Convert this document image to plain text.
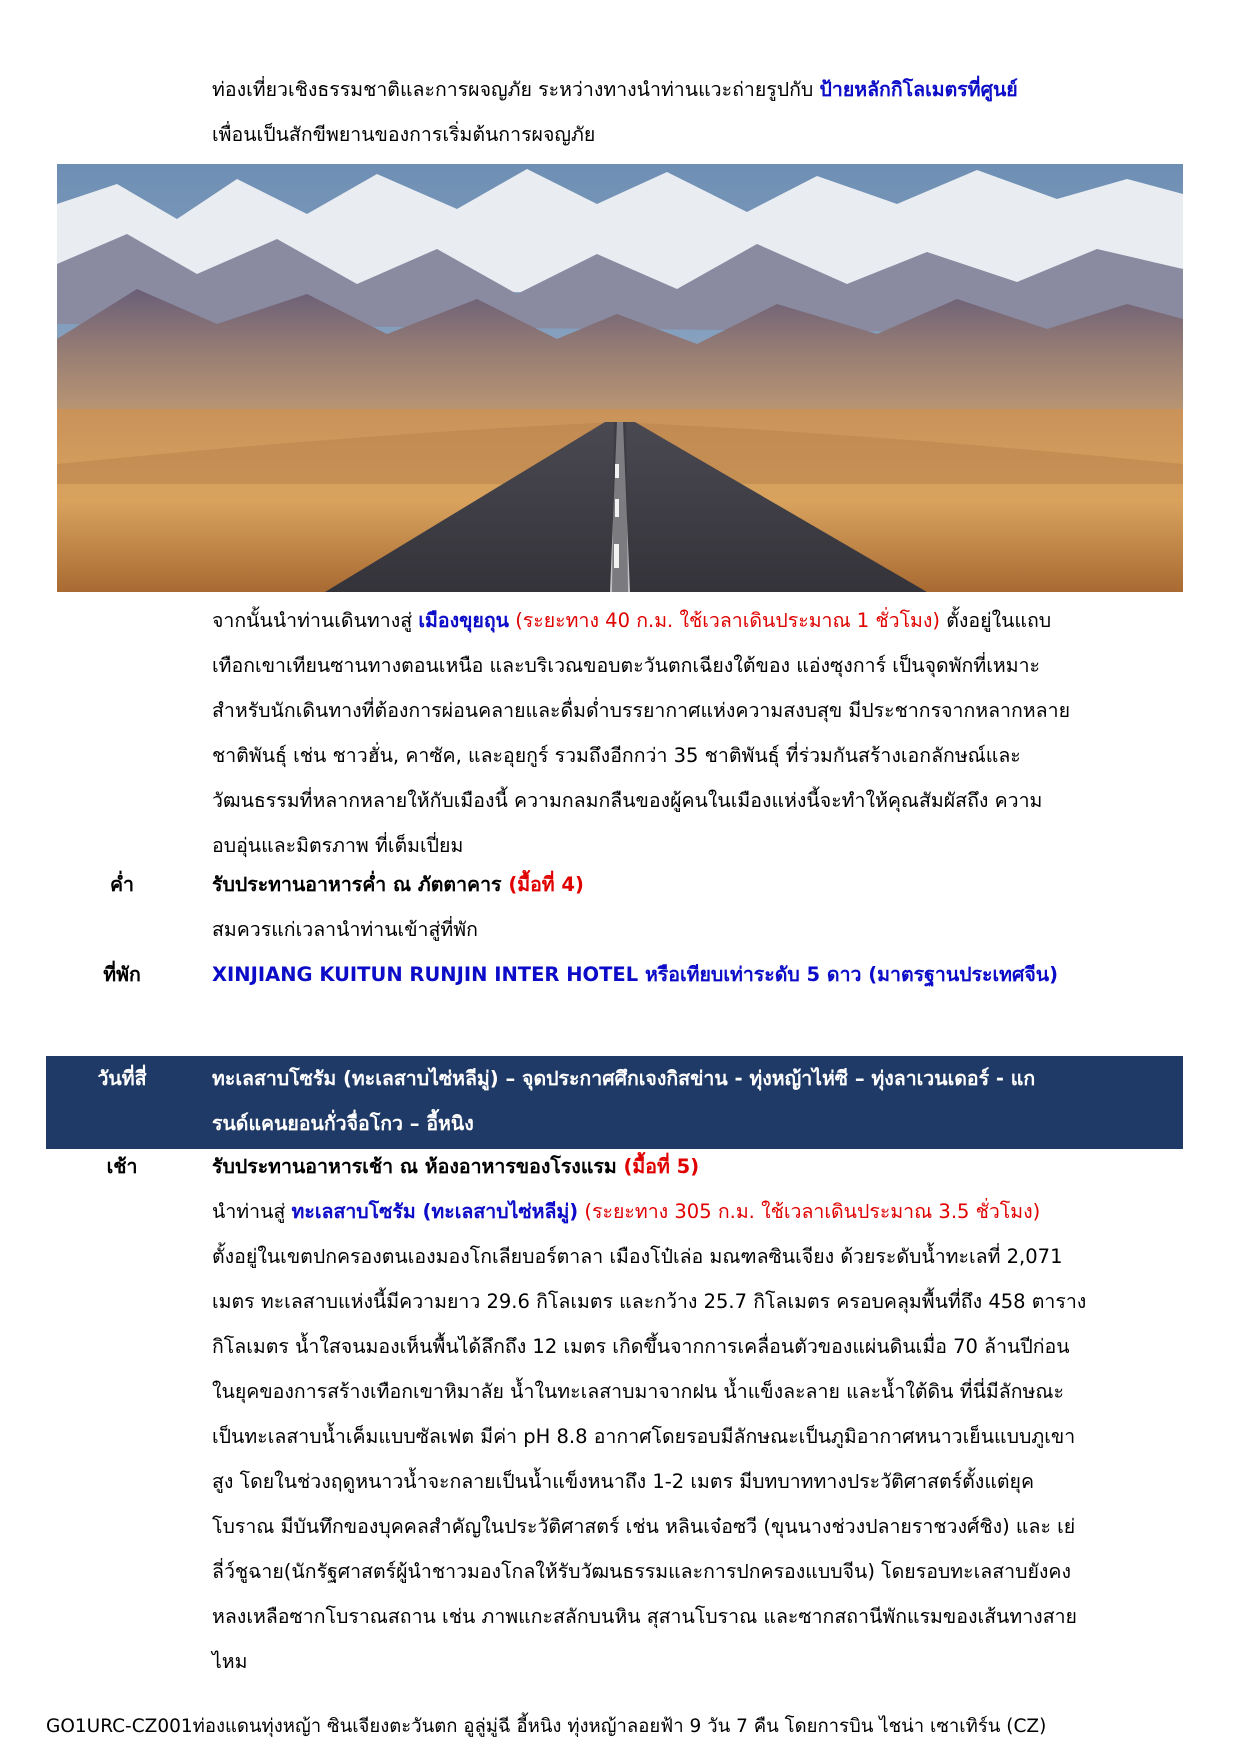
ท่องเที่ยวเชิงธรรมชาติและการผจญภัย ระหว่างทางนำท่านแวะถ่ายรูปกับ ป้ายหลักกิโลเมตรที่ศูนย์
เพื่อนเป็นสักขีพยานของการเริ่มต้นการผจญภัย
จากนั้นนำท่านเดินทางสู่ เมืองขุยถุน (ระยะทาง 40 ก.ม. ใช้เวลาเดินประมาณ 1 ชั่วโมง) ตั้งอยู่ในแถบ
เทือกเขาเทียนซานทางตอนเหนือ และบริเวณขอบตะวันตกเฉียงใต้ของ แอ่งซุงการ์ เป็นจุดพักที่เหมาะ
สำหรับนักเดินทางที่ต้องการผ่อนคลายและดื่มด่ำบรรยากาศแห่งความสงบสุข มีประชากรจากหลากหลาย
ชาติพันธุ์ เช่น ชาวฮั่น, คาซัค, และอุยกูร์ รวมถึงอีกกว่า 35 ชาติพันธุ์ ที่ร่วมกันสร้างเอกลักษณ์และ
วัฒนธรรมที่หลากหลายให้กับเมืองนี้ ความกลมกลืนของผู้คนในเมืองแห่งนี้จะทำให้คุณสัมผัสถึง ความ
อบอุ่นและมิตรภาพ ที่เต็มเปี่ยม
ค่ำ	รับประทานอาหารค่ำ ณ ภัตตาคาร (มื้อที่ 4)
สมควรแก่เวลานำท่านเข้าสู่ที่พัก
ที่พัก	XINJIANG KUITUN RUNJIN INTER HOTEL หรือเทียบเท่าระดับ 5 ดาว (มาตรฐานประเทศจีน)
วันที่สี่	ทะเลสาบโซรัม (ทะเลสาบไซ่หลีมู่) – จุดประกาศศึกเจงกิสข่าน - ทุ่งหญ้าไห่ซี – ทุ่งลาเวนเดอร์ - แก
รนด์แคนยอนกั่วจื่อโกว – อี้หนิง
เช้า	รับประทานอาหารเช้า ณ ห้องอาหารของโรงแรม (มื้อที่ 5)
นำท่านสู่ ทะเลสาบโซรัม (ทะเลสาบไซ่หลีมู่) (ระยะทาง 305 ก.ม. ใช้เวลาเดินประมาณ 3.5 ชั่วโมง)
ตั้งอยู่ในเขตปกครองตนเองมองโกเลียบอร์ตาลา เมืองโป๋เล่อ มณฑลซินเจียง ด้วยระดับน้ำทะเลที่ 2,071
เมตร ทะเลสาบแห่งนี้มีความยาว 29.6 กิโลเมตร และกว้าง 25.7 กิโลเมตร ครอบคลุมพื้นที่ถึง 458 ตาราง
กิโลเมตร น้ำใสจนมองเห็นพื้นได้ลึกถึง 12 เมตร เกิดขึ้นจากการเคลื่อนตัวของแผ่นดินเมื่อ 70 ล้านปีก่อน
ในยุคของการสร้างเทือกเขาหิมาลัย น้ำในทะเลสาบมาจากฝน น้ำแข็งละลาย และน้ำใต้ดิน ที่นี่มีลักษณะ
เป็นทะเลสาบน้ำเค็มแบบซัลเฟต มีค่า pH 8.8 อากาศโดยรอบมีลักษณะเป็นภูมิอากาศหนาวเย็นแบบภูเขา
สูง โดยในช่วงฤดูหนาวน้ำจะกลายเป็นน้ำแข็งหนาถึง 1-2 เมตร มีบทบาททางประวัติศาสตร์ตั้งแต่ยุค
โบราณ มีบันทึกของบุคคลสำคัญในประวัติศาสตร์ เช่น หลินเจ๋อซวี (ขุนนางช่วงปลายราชวงศ์ชิง) และ เย่
ลี่ว์ชูฉาย(นักรัฐศาสตร์ผู้นำชาวมองโกลให้รับวัฒนธรรมและการปกครองแบบจีน) โดยรอบทะเลสาบยังคง
หลงเหลือซากโบราณสถาน เช่น ภาพแกะสลักบนหิน สุสานโบราณ และซากสถานีพักแรมของเส้นทางสาย
ไหม
GO1URC-CZ001ท่องแดนทุ่งหญ้า ซินเจียงตะวันตก อูลู่มู่ฉี อี้หนิง ทุ่งหญ้าลอยฟ้า 9 วัน 7 คืน โดยการบิน ไชน่า เซาเทิร์น (CZ)
